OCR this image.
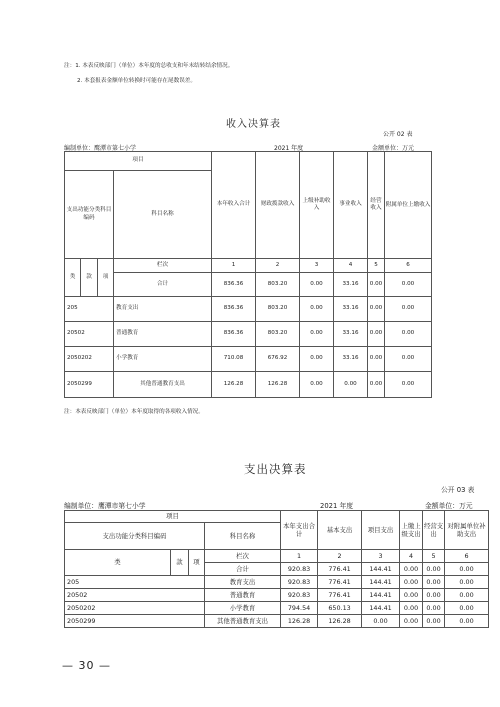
注：1. 本表反映部门（单位）本年度的总收支和年末结转结余情况。
2. 本套报表金额单位转换时可能存在尾数误差。
收入决算表
公开 02 表
编制单位：鹰潭市第七小学	2021 年度	金额单位：万元
项目				本年收入合计	财政拨款收入	上级补助收入	事业收入	经营收入	附属单位上缴收入	
支出功能分类科目编码			科目名称							
类	款	项	栏次	1	2	3	4	5	6	
			合计	836.36	803.20	0.00	33.16	0.00	0.00	
205			教育支出	836.36	803.20	0.00	33.16	0.00	0.00	
20502			普通教育	836.36	803.20	0.00	33.16	0.00	0.00	
2050202			小学教育	710.08	676.92	0.00	33.16	0.00	0.00	
2050299			其他普通教育支出	126.28	126.28	0.00	0.00	0.00	0.00	
注：本表反映部门（单位）本年度取得的各项收入情况。
支出决算表
公开 03 表
编制单位：鹰潭市第七小学	2021 年度	金额单位：万元
项目				本年支出合计	基本支出	项目支出	上缴上级支出	经营支出	对附属单位补助支出
支出功能分类科目编码			科目名称						
类	款	项	栏次	1	2	3	4	5	6
			合计	920.83	776.41	144.41	0.00	0.00	0.00
205			教育支出	920.83	776.41	144.41	0.00	0.00	0.00
20502			普通教育	920.83	776.41	144.41	0.00	0.00	0.00
2050202			小学教育	794.54	650.13	144.41	0.00	0.00	0.00
2050299			其他普通教育支出	126.28	126.28	0.00	0.00	0.00	0.00
— 30 —
